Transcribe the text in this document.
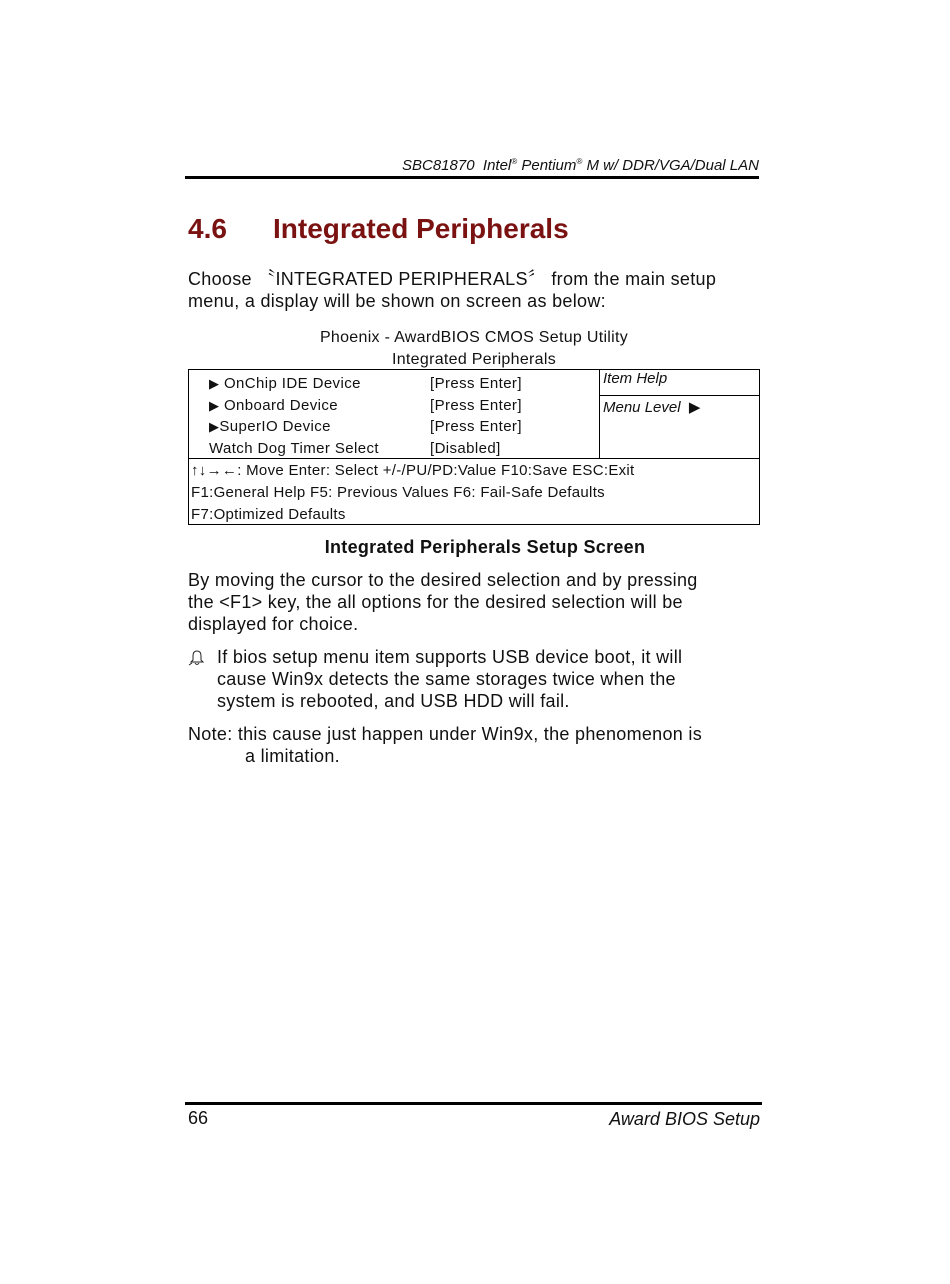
SBC81870 Intel® Pentium® M w/ DDR/VGA/Dual LAN
4.6 Integrated Peripherals
Choose 〝INTEGRATED PERIPHERALS〞 from the main setup
menu, a display will be shown on screen as below:
Phoenix - AwardBIOS CMOS Setup Utility
Integrated Peripherals
▶ OnChip IDE Device	[Press Enter]
▶ Onboard Device	[Press Enter]
▶SuperIO Device	[Press Enter]
Watch Dog Timer Select	[Disabled]
Item Help
Menu Level ▶
↑↓→←: Move Enter: Select +/-/PU/PD:Value F10:Save ESC:Exit
F1:General Help F5: Previous Values F6: Fail-Safe Defaults
F7:Optimized Defaults
Integrated Peripherals Setup Screen
By moving the cursor to the desired selection and by pressing
the <F1> key, the all options for the desired selection will be
displayed for choice.
If bios setup menu item supports USB device boot, it will
cause Win9x detects the same storages twice when the
system is rebooted, and USB HDD will fail.
Note: this cause just happen under Win9x, the phenomenon is
a limitation.
66	Award BIOS Setup
